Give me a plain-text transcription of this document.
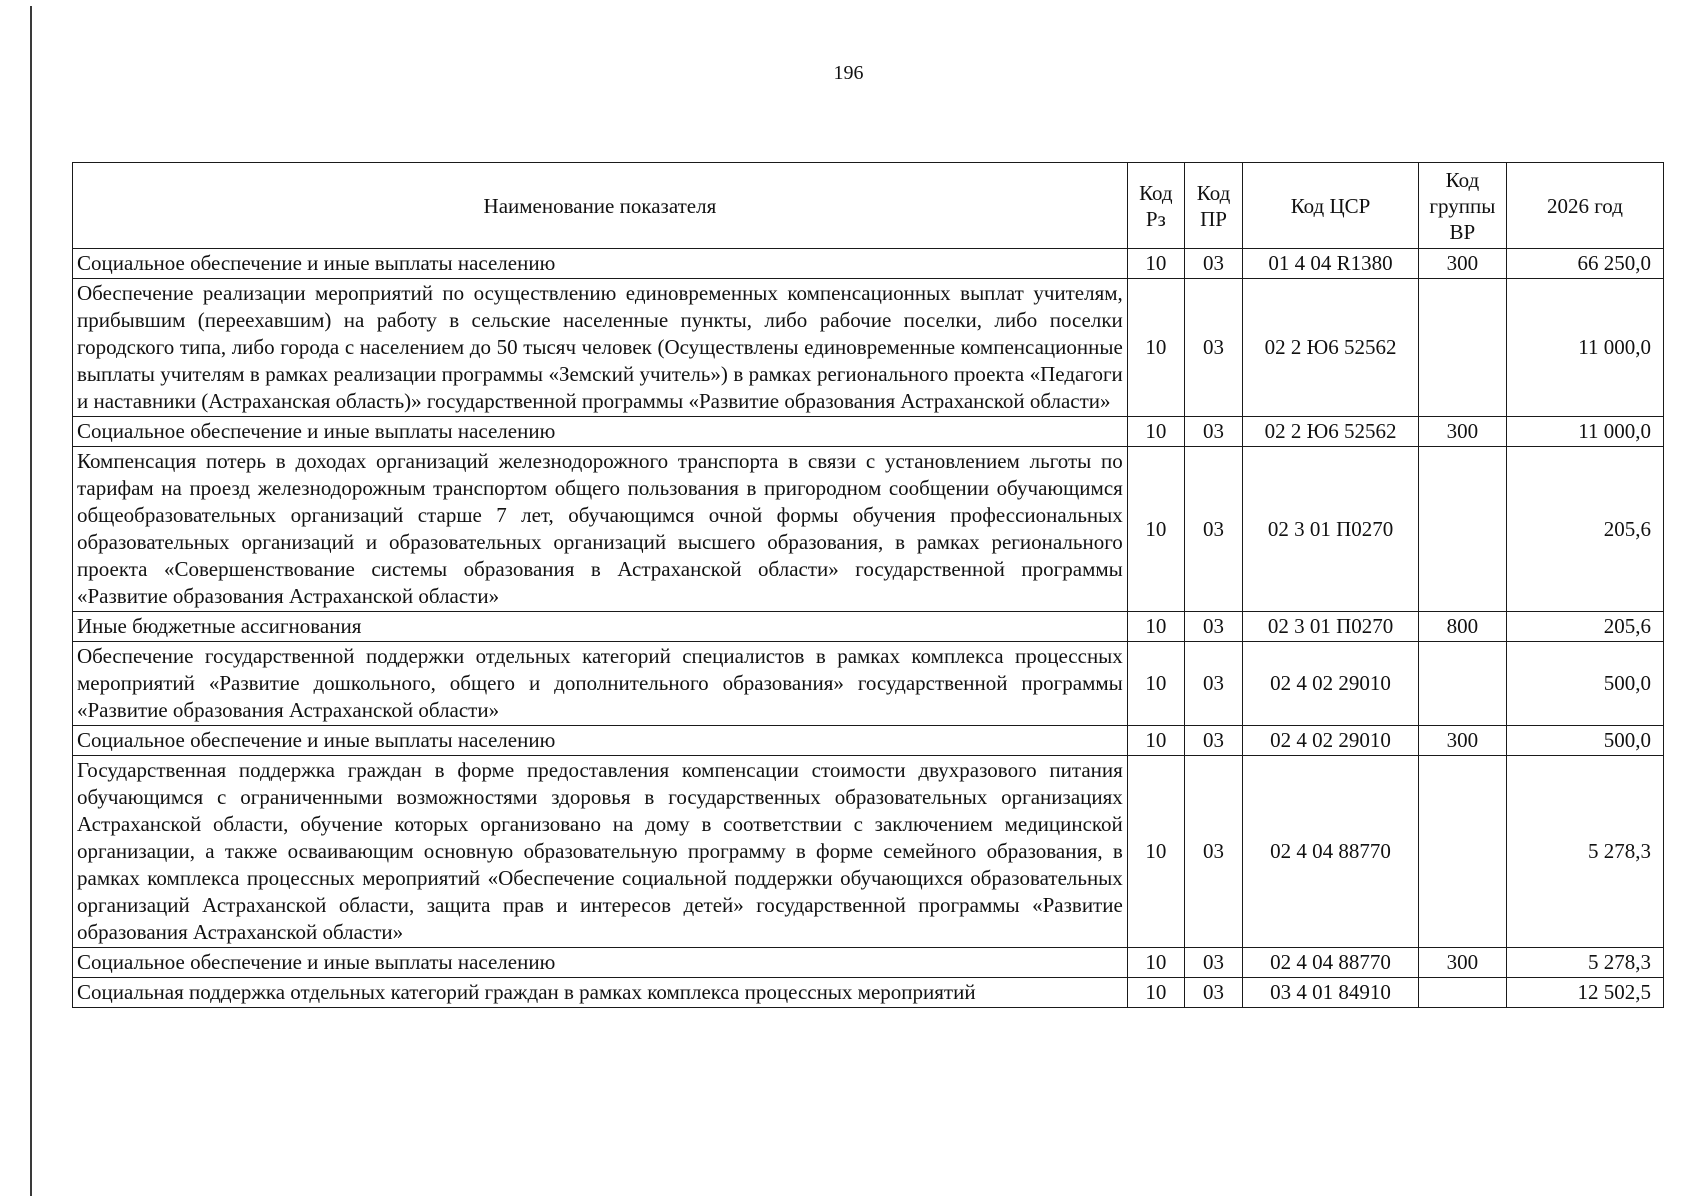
196
Наименование показателя	Код Рз	Код ПР	Код ЦСР	Код группы ВР	2026 год
Социальное обеспечение и иные выплаты населению	10	03	01 4 04 R1380	300	66 250,0
Обеспечение реализации мероприятий по осуществлению единовременных компенсационных выплат учителям, прибывшим (переехавшим) на работу в сельские населенные пункты, либо рабочие поселки, либо поселки городского типа, либо города с населением до 50 тысяч человек (Осуществлены единовременные компенсационные выплаты учителям в рамках реализации программы «Земский учитель») в рамках регионального проекта «Педагоги и наставники (Астраханская область)» государственной программы «Развитие образования Астраханской области»	10	03	02 2 Ю6 52562		11 000,0
Социальное обеспечение и иные выплаты населению	10	03	02 2 Ю6 52562	300	11 000,0
Компенсация потерь в доходах организаций железнодорожного транспорта в связи с установлением льготы по тарифам на проезд железнодорожным транспортом общего пользования в пригородном сообщении обучающимся общеобразовательных организаций старше 7 лет, обучающимся очной формы обучения профессиональных образовательных организаций и образовательных организаций высшего образования, в рамках регионального проекта «Совершенствование системы образования в Астраханской области» государственной программы «Развитие образования Астраханской области»	10	03	02 3 01 П0270		205,6
Иные бюджетные ассигнования	10	03	02 3 01 П0270	800	205,6
Обеспечение государственной поддержки отдельных категорий специалистов в рамках комплекса процессных мероприятий «Развитие дошкольного, общего и дополнительного образования» государственной программы «Развитие образования Астраханской области»	10	03	02 4 02 29010		500,0
Социальное обеспечение и иные выплаты населению	10	03	02 4 02 29010	300	500,0
Государственная поддержка граждан в форме предоставления компенсации стоимости двухразового питания обучающимся с ограниченными возможностями здоровья в государственных образовательных организациях Астраханской области, обучение которых организовано на дому в соответствии с заключением медицинской организации, а также осваивающим основную образовательную программу в форме семейного образования, в рамках комплекса процессных мероприятий «Обеспечение социальной поддержки обучающихся образовательных организаций Астраханской области, защита прав и интересов детей» государственной программы «Развитие образования Астраханской области»	10	03	02 4 04 88770		5 278,3
Социальное обеспечение и иные выплаты населению	10	03	02 4 04 88770	300	5 278,3
Социальная поддержка отдельных категорий граждан в рамках комплекса процессных мероприятий	10	03	03 4 01 84910		12 502,5
